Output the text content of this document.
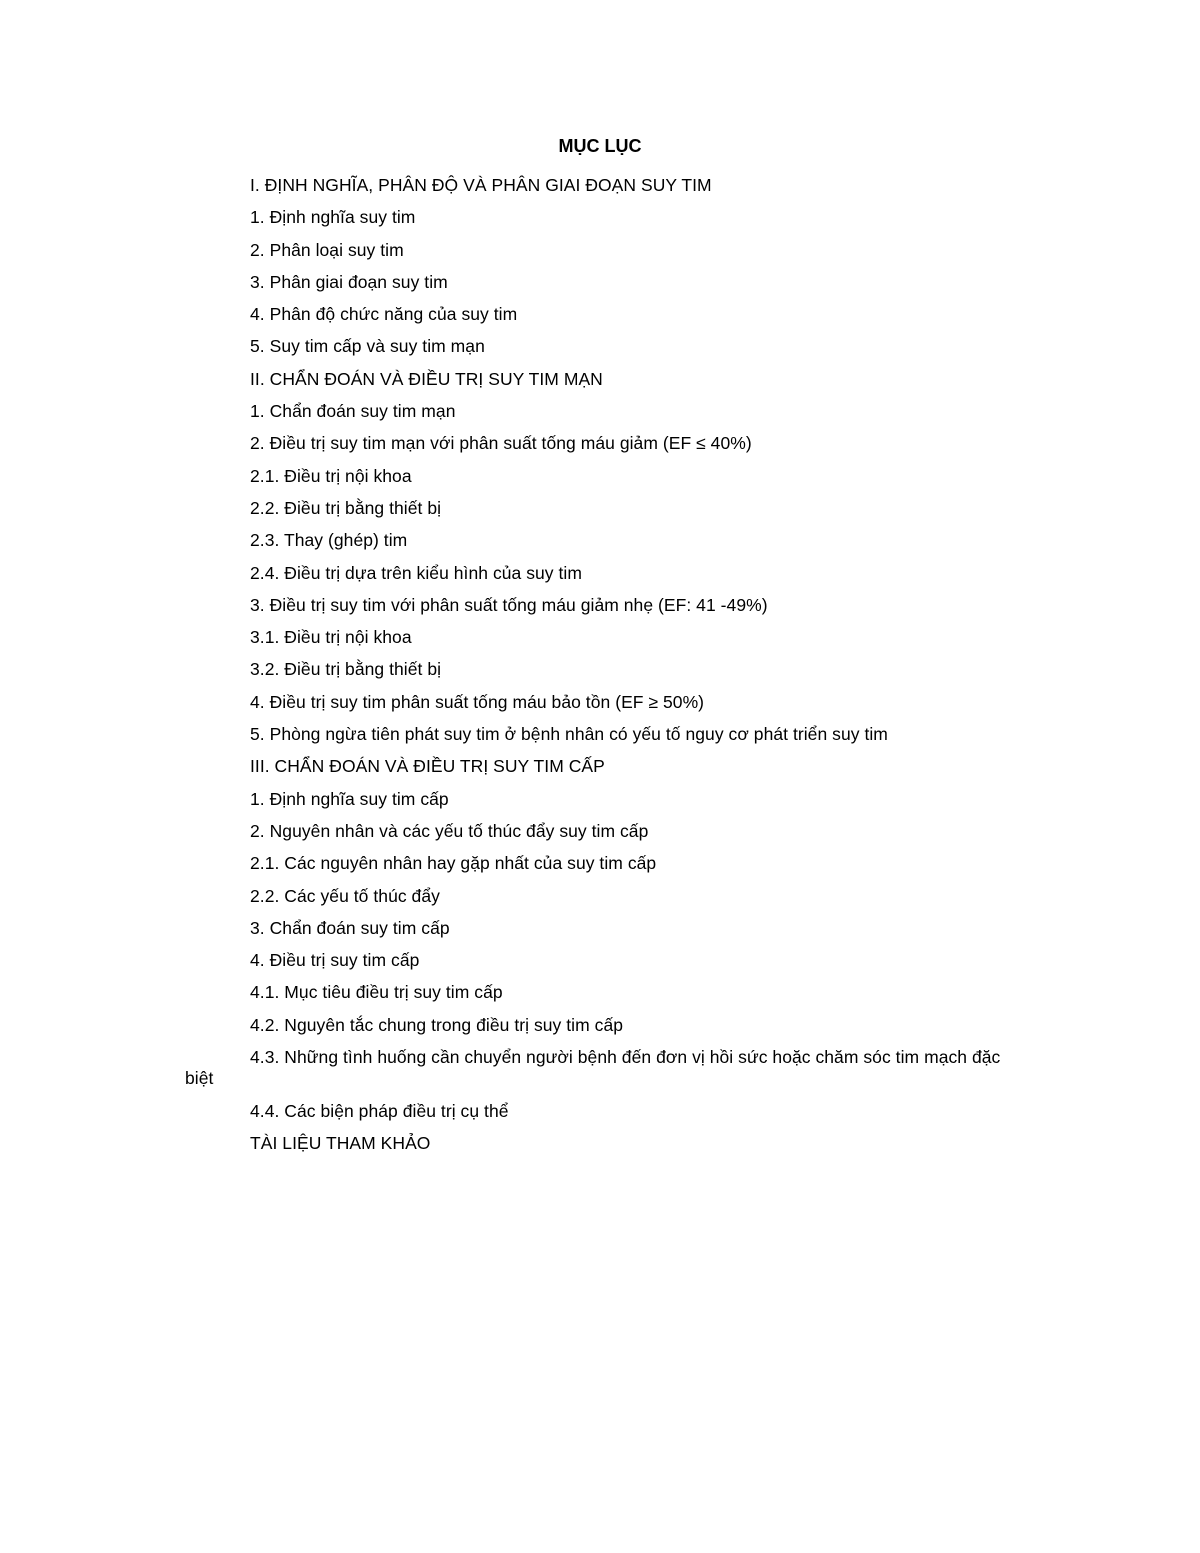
MỤC LỤC
I. ĐỊNH NGHĨA, PHÂN ĐỘ VÀ PHÂN GIAI ĐOẠN SUY TIM
1. Định nghĩa suy tim
2. Phân loại suy tim
3. Phân giai đoạn suy tim
4. Phân độ chức năng của suy tim
5. Suy tim cấp và suy tim mạn
II. CHẨN ĐOÁN VÀ ĐIỀU TRỊ SUY TIM MẠN
1. Chẩn đoán suy tim mạn
2. Điều trị suy tim mạn với phân suất tống máu giảm (EF ≤ 40%)
2.1. Điều trị nội khoa
2.2. Điều trị bằng thiết bị
2.3. Thay (ghép) tim
2.4. Điều trị dựa trên kiểu hình của suy tim
3. Điều trị suy tim với phân suất tống máu giảm nhẹ (EF: 41 -49%)
3.1. Điều trị nội khoa
3.2. Điều trị bằng thiết bị
4. Điều trị suy tim phân suất tống máu bảo tồn (EF ≥ 50%)
5. Phòng ngừa tiên phát suy tim ở bệnh nhân có yếu tố nguy cơ phát triển suy tim
III. CHẨN ĐOÁN VÀ ĐIỀU TRỊ SUY TIM CẤP
1. Định nghĩa suy tim cấp
2. Nguyên nhân và các yếu tố thúc đẩy suy tim cấp
2.1. Các nguyên nhân hay gặp nhất của suy tim cấp
2.2. Các yếu tố thúc đẩy
3. Chẩn đoán suy tim cấp
4. Điều trị suy tim cấp
4.1. Mục tiêu điều trị suy tim cấp
4.2. Nguyên tắc chung trong điều trị suy tim cấp
4.3. Những tình huống cần chuyển người bệnh đến đơn vị hồi sức hoặc chăm sóc tim mạch đặc biệt
4.4. Các biện pháp điều trị cụ thể
TÀI LIỆU THAM KHẢO
